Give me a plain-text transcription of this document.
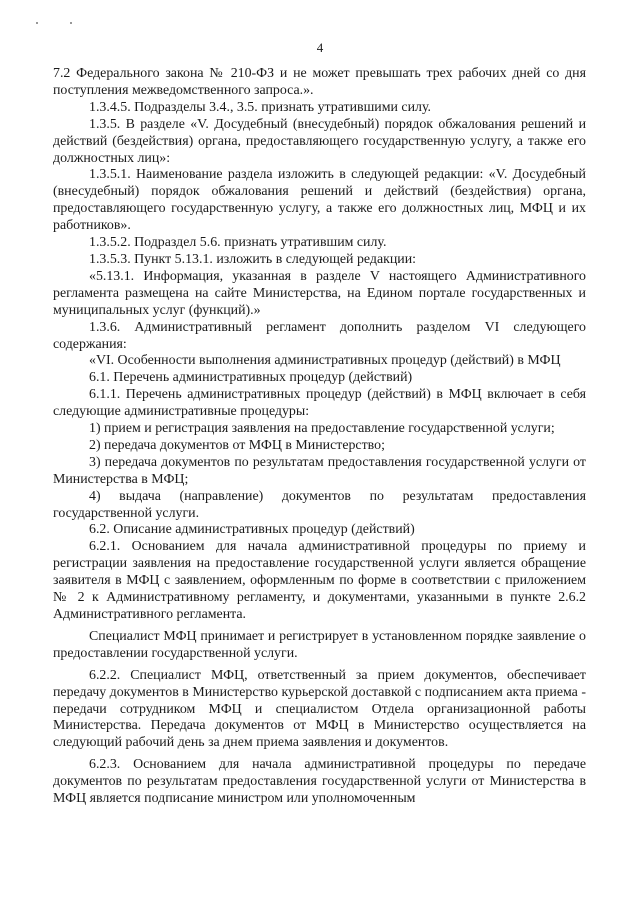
4

7.2 Федерального закона № 210-ФЗ и не может превышать трех рабочих дней со дня поступления межведомственного запроса.».

1.3.4.5. Подразделы 3.4., 3.5. признать утратившими силу.

1.3.5. В разделе «V. Досудебный (внесудебный) порядок обжалования решений и действий (бездействия) органа, предоставляющего государственную услугу, а также его должностных лиц»:

1.3.5.1. Наименование раздела изложить в следующей редакции: «V. Досудебный (внесудебный) порядок обжалования решений и действий (бездействия) органа, предоставляющего государственную услугу, а также его должностных лиц, МФЦ и их работников».

1.3.5.2. Подраздел 5.6. признать утратившим силу.

1.3.5.3. Пункт 5.13.1. изложить в следующей редакции:

«5.13.1. Информация, указанная в разделе V настоящего Административного регламента размещена на сайте Министерства, на Едином портале государственных и муниципальных услуг (функций).»

1.3.6. Административный регламент дополнить разделом VI следующего содержания:

«VI. Особенности выполнения административных процедур (действий) в МФЦ

6.1. Перечень административных процедур (действий)

6.1.1. Перечень административных процедур (действий) в МФЦ включает в себя следующие административные процедуры:

1) прием и регистрация заявления на предоставление государственной услуги;

2) передача документов от МФЦ в Министерство;

3) передача документов по результатам предоставления государственной услуги от Министерства в МФЦ;

4) выдача (направление) документов по результатам предоставления государственной услуги.

6.2. Описание административных процедур (действий)

6.2.1. Основанием для начала административной процедуры по приему и регистрации заявления на предоставление государственной услуги является обращение заявителя в МФЦ с заявлением, оформленным по форме в соответствии с приложением № 2 к Административному регламенту, и документами, указанными в пункте 2.6.2 Административного регламента.

Специалист МФЦ принимает и регистрирует в установленном порядке заявление о предоставлении государственной услуги.

6.2.2. Специалист МФЦ, ответственный за прием документов, обеспечивает передачу документов в Министерство курьерской доставкой с подписанием акта приема - передачи сотрудником МФЦ и специалистом Отдела организационной работы Министерства. Передача документов от МФЦ в Министерство осуществляется на следующий рабочий день за днем приема заявления и документов.

6.2.3. Основанием для начала административной процедуры по передаче документов по результатам предоставления государственной услуги от Министерства в МФЦ является подписание министром или уполномоченным
